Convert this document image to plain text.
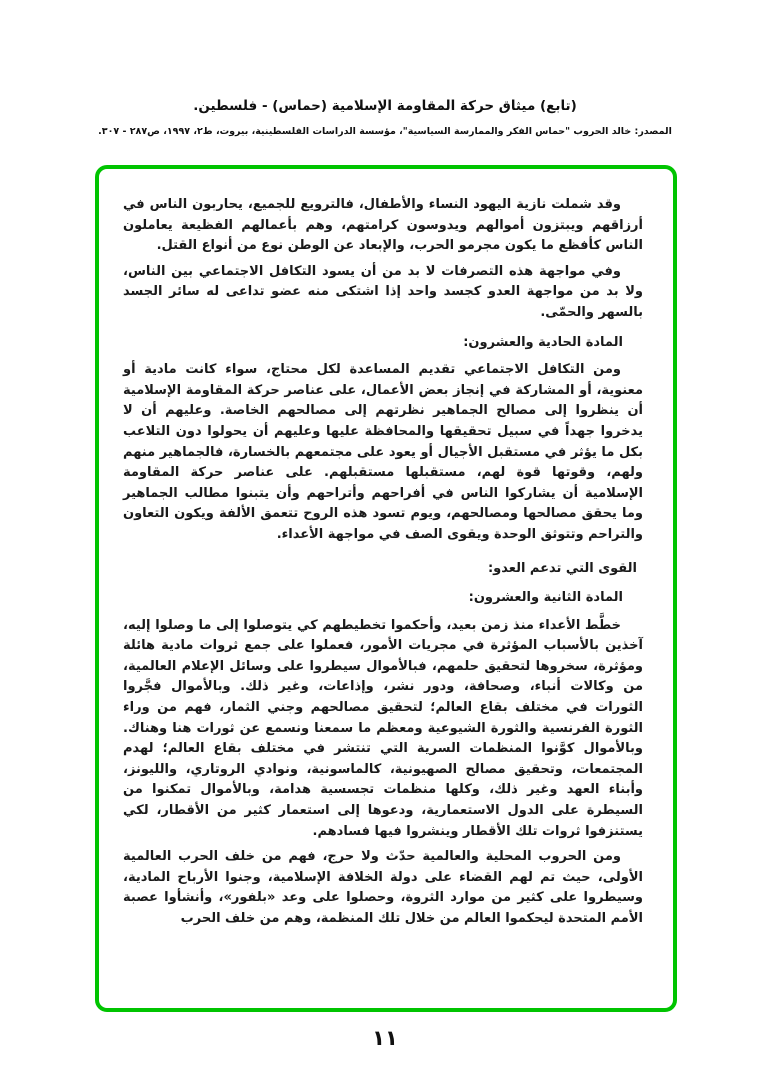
(تابع) ميثاق حركة المقاومة الإسلامية (حماس) - فلسطين.
المصدر: خالد الحروب "حماس الفكر والممارسة السياسية"، مؤسسة الدراسات الفلسطينية، بيروت، ط٢، ١٩٩٧، ص٢٨٧ - ٣٠٧.

وقد شملت نازية اليهود النساء والأطفال، فالترويع للجميع، يحاربون الناس في أرزاقهم ويبتزون أموالهم ويدوسون كرامتهم، وهم بأعمالهم الفظيعة يعاملون الناس كأفظع ما يكون مجرمو الحرب، والإبعاد عن الوطن نوع من أنواع القتل.

وفي مواجهة هذه التصرفات لا بد من أن يسود التكافل الاجتماعي بين الناس، ولا بد من مواجهة العدو كجسد واحد إذا اشتكى منه عضو تداعى له سائر الجسد بالسهر والحمّى.

المادة الحادية والعشرون:

ومن التكافل الاجتماعي تقديم المساعدة لكل محتاج، سواء كانت مادية أو معنوية، أو المشاركة في إنجاز بعض الأعمال، على عناصر حركة المقاومة الإسلامية أن ينظروا إلى مصالح الجماهير نظرتهم إلى مصالحهم الخاصة. وعليهم أن لا يدخروا جهداً في سبيل تحقيقها والمحافظة عليها وعليهم أن يحولوا دون التلاعب بكل ما يؤثر في مستقبل الأجيال أو يعود على مجتمعهم بالخسارة، فالجماهير منهم ولهم، وقوتها قوة لهم، مستقبلها مستقبلهم. على عناصر حركة المقاومة الإسلامية أن يشاركوا الناس في أفراحهم وأتراحهم وأن يتبنوا مطالب الجماهير وما يحقق مصالحها ومصالحهم، ويوم تسود هذه الروح تتعمق الألفة ويكون التعاون والتراحم وتتوثق الوحدة ويقوى الصف في مواجهة الأعداء.

القوى التي تدعم العدو:

المادة الثانية والعشرون:

خطَّط الأعداء منذ زمن بعيد، وأحكموا تخطيطهم كي يتوصلوا إلى ما وصلوا إليه، آخذين بالأسباب المؤثرة في مجريات الأمور، فعملوا على جمع ثروات مادية هائلة ومؤثرة، سخروها لتحقيق حلمهم، فبالأموال سيطروا على وسائل الإعلام العالمية، من وكالات أنباء، وصحافة، ودور نشر، وإذاعات، وغير ذلك. وبالأموال فجَّروا الثورات في مختلف بقاع العالم؛ لتحقيق مصالحهم وجني الثمار، فهم من وراء الثورة الفرنسية والثورة الشيوعية ومعظم ما سمعنا ونسمع عن ثورات هنا وهناك. وبالأموال كوَّنوا المنظمات السرية التي تنتشر في مختلف بقاع العالم؛ لهدم المجتمعات، وتحقيق مصالح الصهيونية، كالماسونية، ونوادي الروتاري، والليونز، وأبناء العهد وغير ذلك، وكلها منظمات تجسسية هدامة، وبالأموال تمكنوا من السيطرة على الدول الاستعمارية، ودعوها إلى استعمار كثير من الأقطار، لكي يستنزفوا ثروات تلك الأقطار وينشروا فيها فسادهم.

ومن الحروب المحلية والعالمية حدّث ولا حرج، فهم من خلف الحرب العالمية الأولى، حيث تم لهم القضاء على دولة الخلافة الإسلامية، وجنوا الأرباح المادية، وسيطروا على كثير من موارد الثروة، وحصلوا على وعد «بلفور»، وأنشأوا عصبة الأمم المتحدة ليحكموا العالم من خلال تلك المنظمة، وهم من خلف الحرب

١١
